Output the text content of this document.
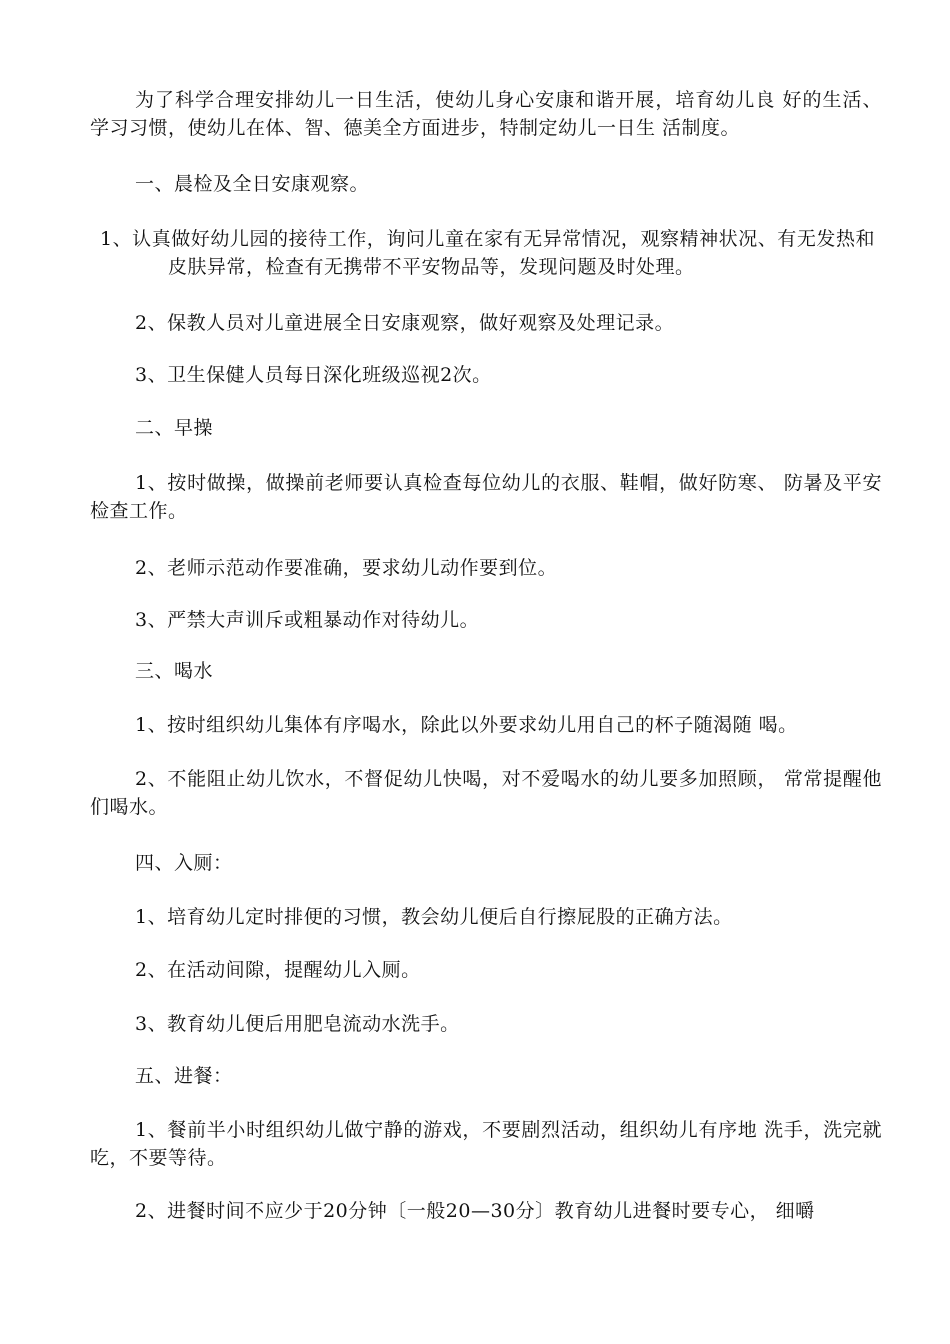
为了科学合理安排幼儿一日生活，使幼儿身心安康和谐开展，培育幼儿良 好的生活、学习习惯，使幼儿在体、智、德美全方面进步，特制定幼儿一日生 活制度。

一、晨检及全日安康观察。

1、认真做好幼儿园的接待工作，询问儿童在家有无异常情况，观察精神状况、有无发热和皮肤异常，检查有无携带不平安物品等，发现问题及时处理。

2、保教人员对儿童进展全日安康观察，做好观察及处理记录。

3、卫生保健人员每日深化班级巡视2次。

二、早操

1、按时做操，做操前老师要认真检查每位幼儿的衣服、鞋帽，做好防寒、 防暑及平安检查工作。

2、老师示范动作要准确，要求幼儿动作要到位。

3、严禁大声训斥或粗暴动作对待幼儿。

三、喝水

1、按时组织幼儿集体有序喝水，除此以外要求幼儿用自己的杯子随渴随 喝。

2、不能阻止幼儿饮水，不督促幼儿快喝，对不爱喝水的幼儿要多加照顾， 常常提醒他们喝水。

四、入厕：

1、培育幼儿定时排便的习惯，教会幼儿便后自行擦屁股的正确方法。

2、在活动间隙，提醒幼儿入厕。

3、教育幼儿便后用肥皂流动水洗手。

五、进餐：

1、餐前半小时组织幼儿做宁静的游戏，不要剧烈活动，组织幼儿有序地 洗手，洗完就吃，不要等待。

2、进餐时间不应少于20分钟〔一般20—30分〕教育幼儿进餐时要专心， 细嚼
